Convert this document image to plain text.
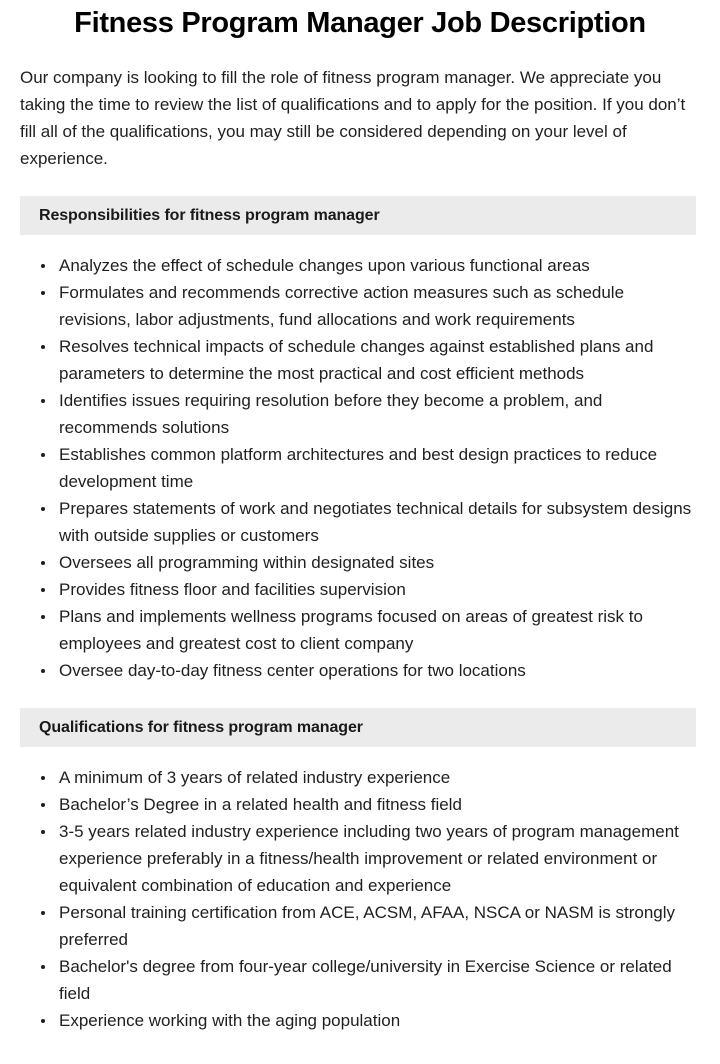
Fitness Program Manager Job Description

Our company is looking to fill the role of fitness program manager. We appreciate you taking the time to review the list of qualifications and to apply for the position. If you don’t fill all of the qualifications, you may still be considered depending on your level of experience.

Responsibilities for fitness program manager
Analyzes the effect of schedule changes upon various functional areas
Formulates and recommends corrective action measures such as schedule revisions, labor adjustments, fund allocations and work requirements
Resolves technical impacts of schedule changes against established plans and parameters to determine the most practical and cost efficient methods
Identifies issues requiring resolution before they become a problem, and recommends solutions
Establishes common platform architectures and best design practices to reduce development time
Prepares statements of work and negotiates technical details for subsystem designs with outside supplies or customers
Oversees all programming within designated sites
Provides fitness floor and facilities supervision
Plans and implements wellness programs focused on areas of greatest risk to employees and greatest cost to client company
Oversee day-to-day fitness center operations for two locations
Qualifications for fitness program manager
A minimum of 3 years of related industry experience
Bachelor’s Degree in a related health and fitness field
3-5 years related industry experience including two years of program management experience preferably in a fitness/health improvement or related environment or equivalent combination of education and experience
Personal training certification from ACE, ACSM, AFAA, NSCA or NASM is strongly preferred
Bachelor's degree from four-year college/university in Exercise Science or related field
Experience working with the aging population
